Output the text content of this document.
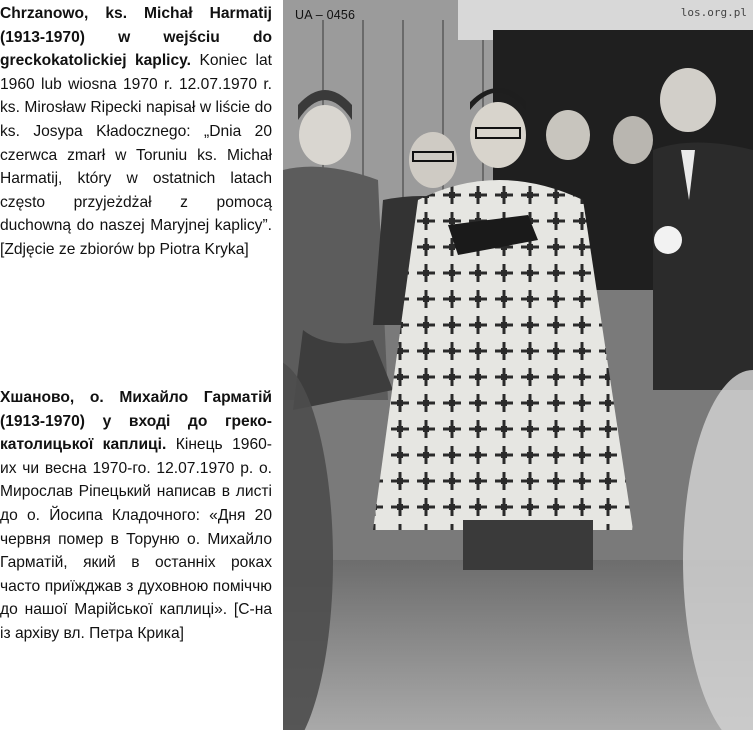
Chrzanowo, ks. Michał Harmatij (1913-1970) w wejściu do greckokatolickiej kaplicy. Koniec lat 1960 lub wiosna 1970 r. 12.07.1970 r. ks. Mirosław Ripecki napisał w liście do ks. Josypa Kładocznego: „Dnia 20 czerwca zmarł w Toruniu ks. Michał Harmatij, który w ostatnich latach często przyjeżdżał z pomocą duchowną do naszej Maryjnej kaplicy”. [Zdjęcie ze zbiorów bp Piotra Kryka]
Хшаново, о. Михайло Гарматій (1913-1970) у вході до греко-католицької каплиці. Кінець 1960-их чи весна 1970-го. 12.07.1970 р. о. Мирослав Ріпецький написав в листі до о. Йосипа Кладочного: «Дня 20 червня помер в Торуню о. Михайло Гарматій, який в останніх роках часто приїжджав з духовною поміччю до нашої Марійської каплиці». [С-на із архіву вл. Петра Крика]
UA – 0456	los.org.pl
